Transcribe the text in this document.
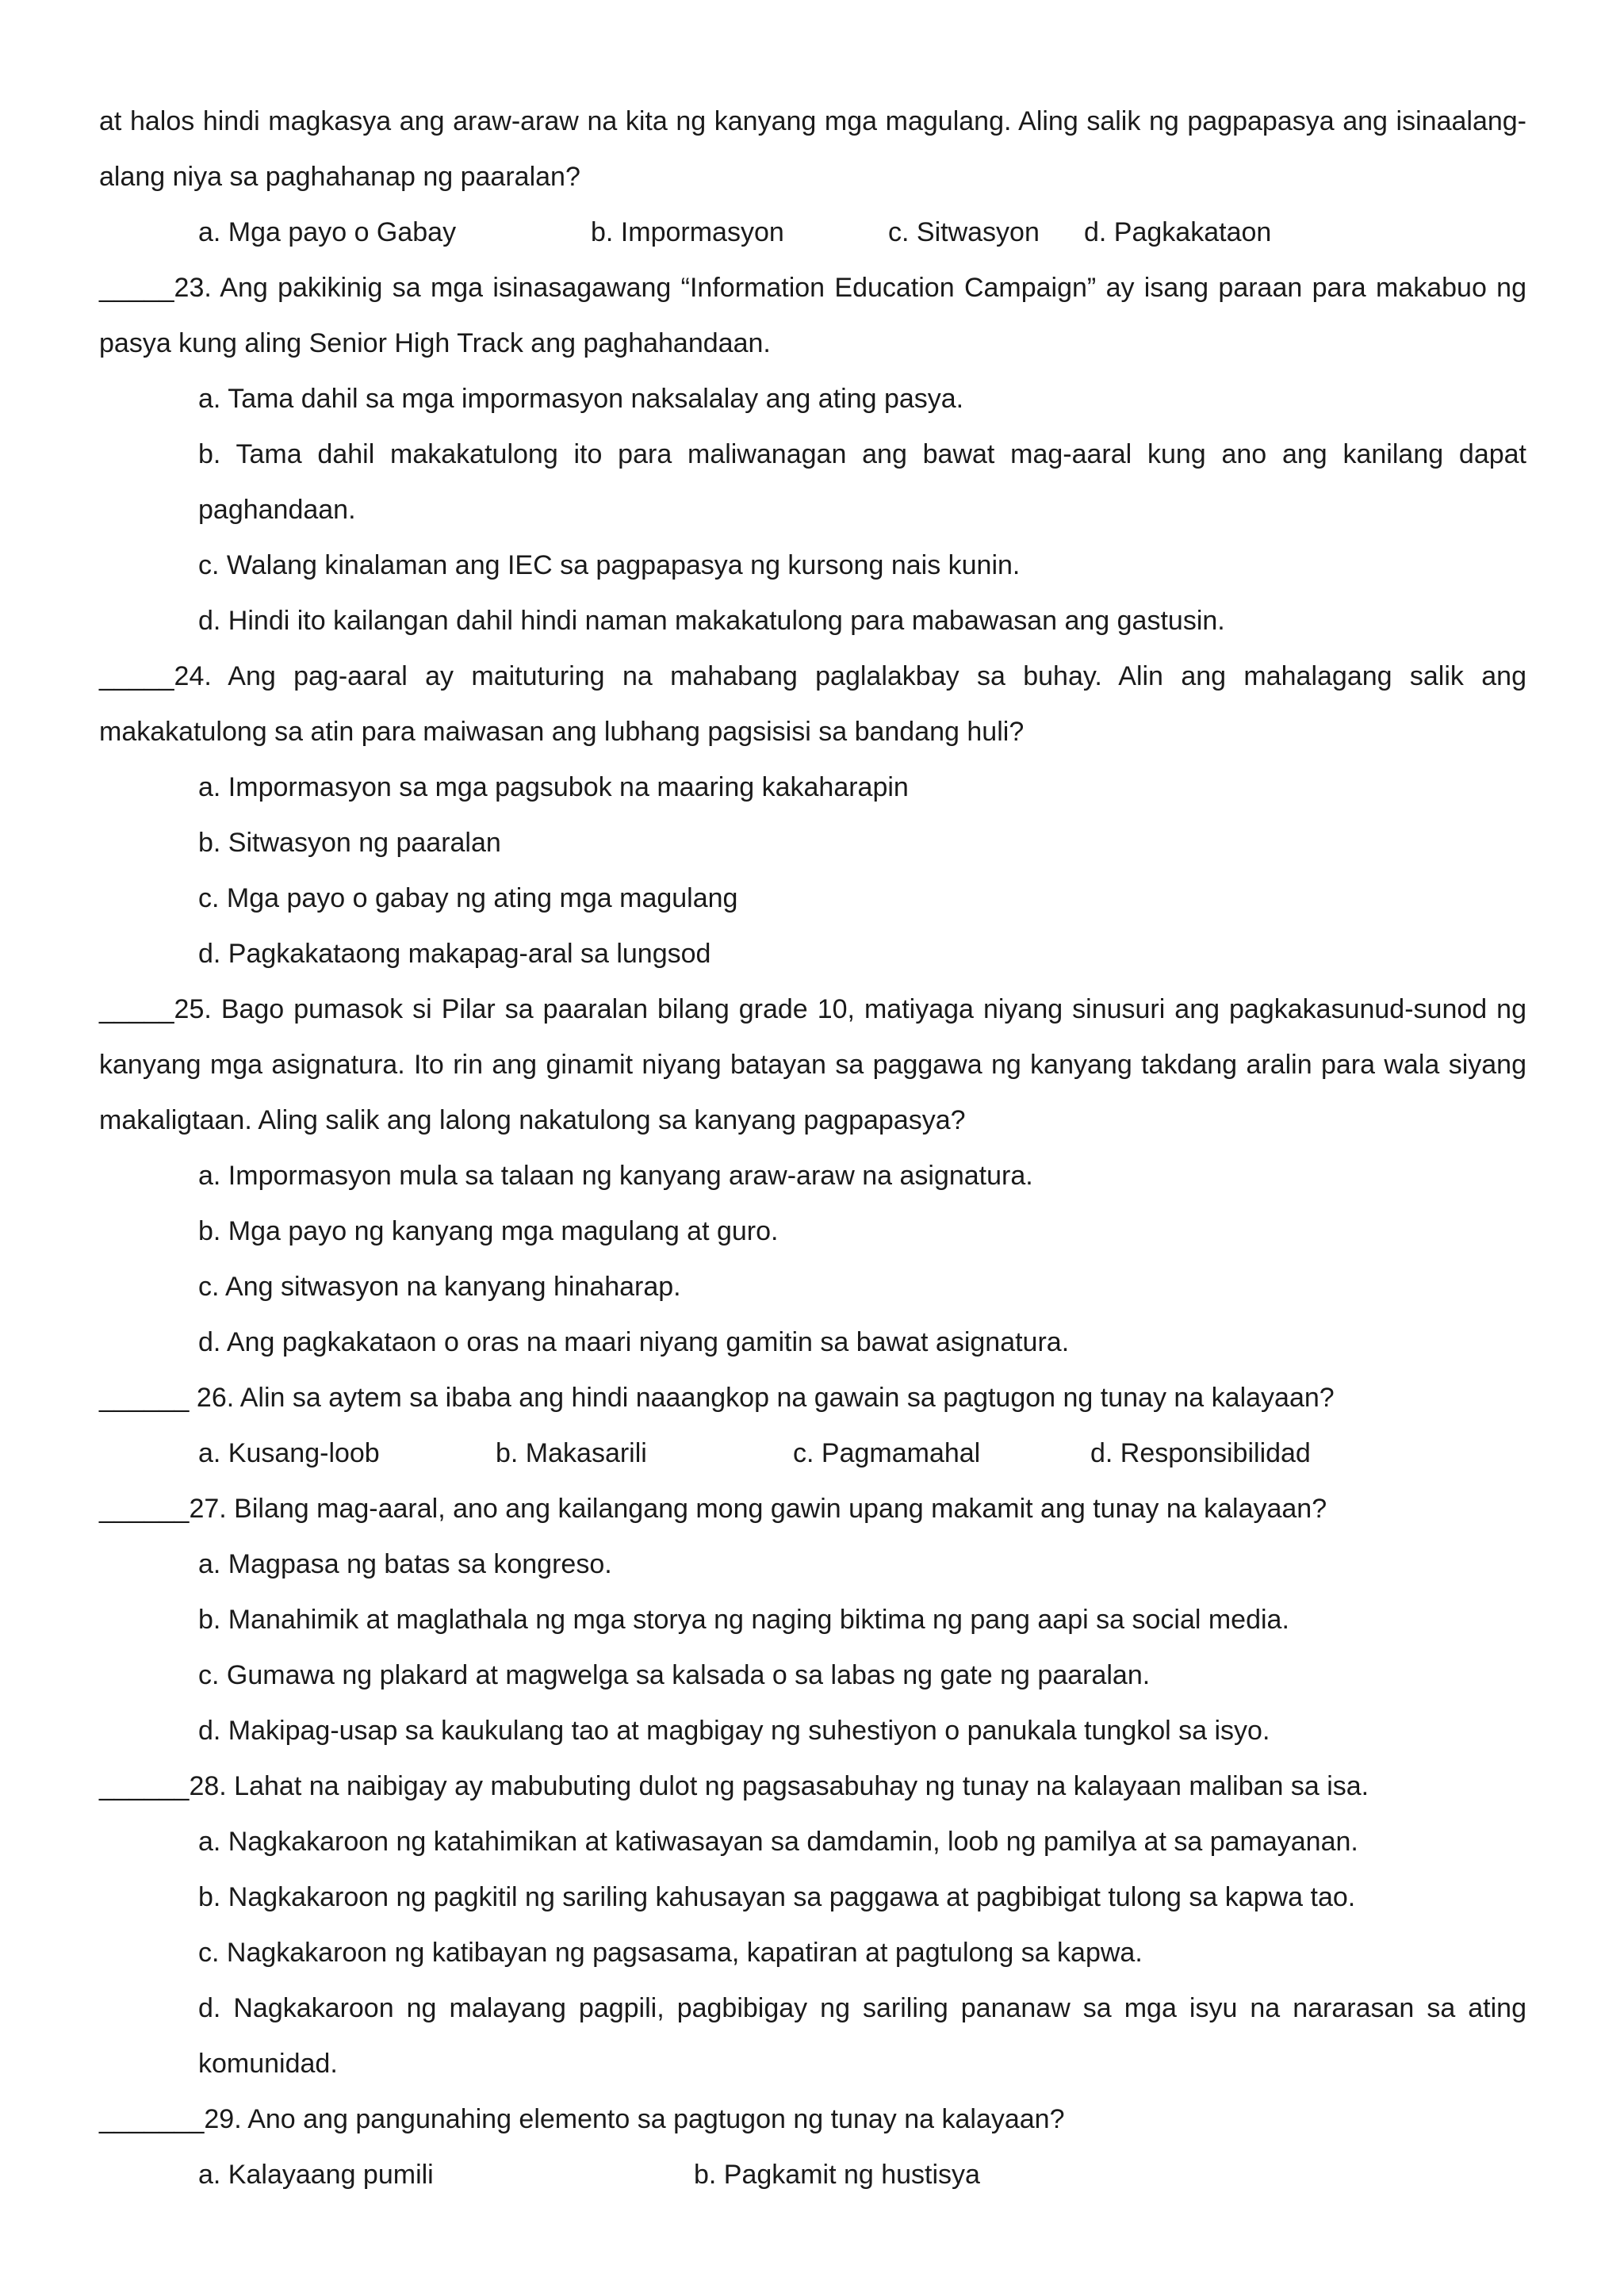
at halos hindi magkasya ang araw-araw na kita ng kanyang mga magulang. Aling salik ng pagpapasya ang isinaalang-
alang niya sa paghahanap ng paaralan?
a. Mga payo o Gabay	b. Impormasyon	c. Sitwasyon d. Pagkakataon
_____23. Ang pakikinig sa mga isinasagawang “Information Education Campaign” ay isang paraan para makabuo ng
pasya kung aling Senior High Track ang paghahandaan.
a. Tama dahil sa mga impormasyon naksalalay ang ating pasya.
b. Tama dahil makakatulong ito para maliwanagan ang bawat mag-aaral kung ano ang kanilang dapat
paghandaan.
c. Walang kinalaman ang IEC sa pagpapasya ng kursong nais kunin.
d. Hindi ito kailangan dahil hindi naman makakatulong para mabawasan ang gastusin.
_____24. Ang pag-aaral ay maituturing na mahabang paglalakbay sa buhay. Alin ang mahalagang salik ang
makakatulong sa atin para maiwasan ang lubhang pagsisisi sa bandang huli?
a. Impormasyon sa mga pagsubok na maaring kakaharapin
b. Sitwasyon ng paaralan
c. Mga payo o gabay ng ating mga magulang
d. Pagkakataong makapag-aral sa lungsod
_____25. Bago pumasok si Pilar sa paaralan bilang grade 10, matiyaga niyang sinusuri ang pagkakasunud-sunod ng
kanyang mga asignatura. Ito rin ang ginamit niyang batayan sa paggawa ng kanyang takdang aralin para wala siyang
makaligtaan. Aling salik ang lalong nakatulong sa kanyang pagpapasya?
a. Impormasyon mula sa talaan ng kanyang araw-araw na asignatura.
b. Mga payo ng kanyang mga magulang at guro.
c. Ang sitwasyon na kanyang hinaharap.
d. Ang pagkakataon o oras na maari niyang gamitin sa bawat asignatura.
______ 26. Alin sa aytem sa ibaba ang hindi naaangkop na gawain sa pagtugon ng tunay na kalayaan?
a. Kusang-loob	b. Makasarili	c. Pagmamahal	d. Responsibilidad
______27. Bilang mag-aaral, ano ang kailangang mong gawin upang makamit ang tunay na kalayaan?
a. Magpasa ng batas sa kongreso.
b. Manahimik at maglathala ng mga storya ng naging biktima ng pang aapi sa social media.
c. Gumawa ng plakard at magwelga sa kalsada o sa labas ng gate ng paaralan.
d. Makipag-usap sa kaukulang tao at magbigay ng suhestiyon o panukala tungkol sa isyo.
______28. Lahat na naibigay ay mabubuting dulot ng pagsasabuhay ng tunay na kalayaan maliban sa isa.
a. Nagkakaroon ng katahimikan at katiwasayan sa damdamin, loob ng pamilya at sa pamayanan.
b. Nagkakaroon ng pagkitil ng sariling kahusayan sa paggawa at pagbibigat tulong sa kapwa tao.
c. Nagkakaroon ng katibayan ng pagsasama, kapatiran at pagtulong sa kapwa.
d. Nagkakaroon ng malayang pagpili, pagbibigay ng sariling pananaw sa mga isyu na nararasan sa ating
komunidad.
_______29. Ano ang pangunahing elemento sa pagtugon ng tunay na kalayaan?
a. Kalayaang pumili	b. Pagkamit ng hustisya
